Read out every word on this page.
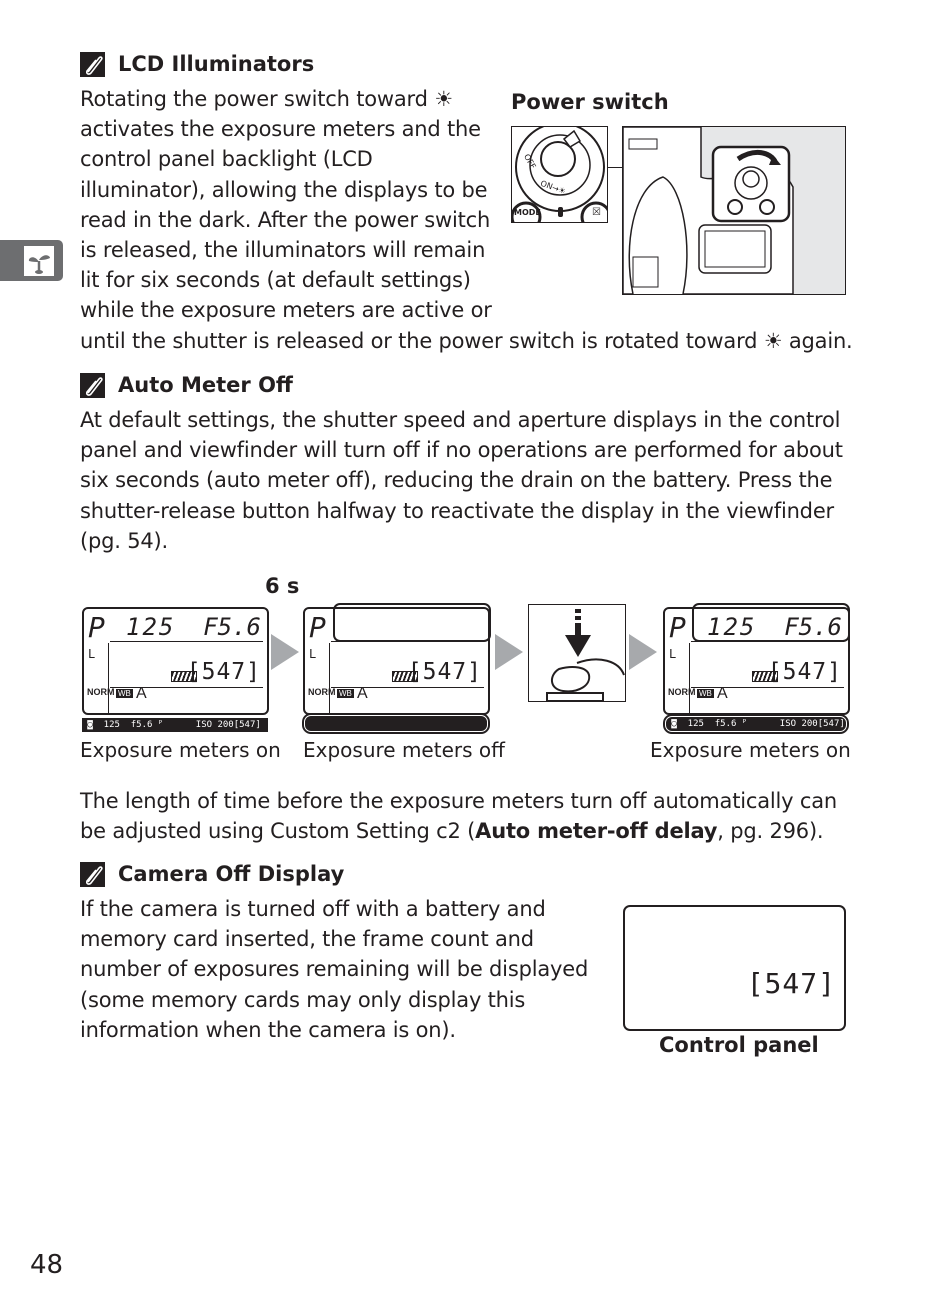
LCD Illuminators
Rotating the power switch toward ☀
activates the exposure meters and the
control panel backlight (LCD
illuminator), allowing the displays to be
read in the dark. After the power switch
is released, the illuminators will remain
lit for six seconds (at default settings)
while the exposure meters are active or
until the shutter is released or the power switch is rotated toward ☀ again.
Power switch
OFF
ON→☀
MODE	☒
Auto Meter Off
At default settings, the shutter speed and aperture displays in the control
panel and viewfinder will turn off if no operations are performed for about
six seconds (auto meter off), reducing the drain on the battery. Press the
shutter-release button halfway to reactivate the display in the viewfinder
(pg. 54).
6 s
P 125 F5.6
L
[547]
NORM WB A
◙  125  f5.6 ᴾ      ISO 200[547]
P
L
[547]
NORM WB A
P 125 F5.6
L
[547]
NORM WB A
◙  125  f5.6 ᴾ      ISO 200[547]
Exposure meters on Exposure meters off	Exposure meters on
The length of time before the exposure meters turn off automatically can
be adjusted using Custom Setting c2 (Auto meter-off delay, pg. 296).
Camera Off Display
If the camera is turned off with a battery and
memory card inserted, the frame count and
number of exposures remaining will be displayed
(some memory cards may only display this
information when the camera is on).
[547]
Control panel
48
